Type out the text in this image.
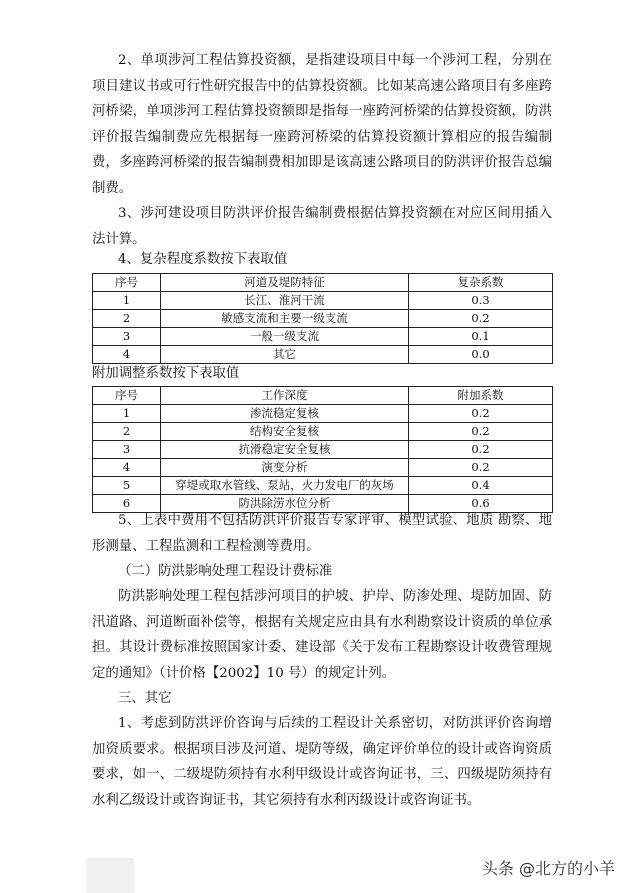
2、单项涉河工程估算投资额，是指建设项目中每一个涉河工程，分别在项目建议书或可行性研究报告中的估算投资额。比如某高速公路项目有多座跨河桥梁，单项涉河工程估算投资额即是指每一座跨河桥梁的估算投资额，防洪评价报告编制费应先根据每一座跨河桥梁的估算投资额计算相应的报告编制费，多座跨河桥梁的报告编制费相加即是该高速公路项目的防洪评价报告总编制费。

3、涉河建设项目防洪评价报告编制费根据估算投资额在对应区间用插入法计算。

4、复杂程度系数按下表取值

序号	河道及堤防特征	复杂系数
1	长江、淮河干流	0.3
2	敏感支流和主要一级支流	0.2
3	一般一级支流	0.1
4	其它	0.0

附加调整系数按下表取值

序号	工作深度	附加系数
1	渗流稳定复核	0.2
2	结构安全复核	0.2
3	抗滑稳定安全复核	0.2
4	演变分析	0.2
5	穿堤或取水管线、泵站，火力发电厂的灰场	0.4
6	防洪除涝水位分析	0.6

5、上表中费用不包括防洪评价报告专家评审、模型试验、地质 勘察、地形测量、工程监测和工程检测等费用。

（二）防洪影响处理工程设计费标准

防洪影响处理工程包括涉河项目的护坡、护岸、防渗处理、堤防加固、防汛道路、河道断面补偿等，根据有关规定应由具有水利勘察设计资质的单位承担。其设计费标准按照国家计委、建设部《关于发布工程勘察设计收费管理规定的通知》（计价格【2002】10 号）的规定计列。

三、其它

1、考虑到防洪评价咨询与后续的工程设计关系密切，对防洪评价咨询增加资质要求。根据项目涉及河道、堤防等级，确定评价单位的设计或咨询资质要求，如一、二级堤防须持有水利甲级设计或咨询证书，三、四级堤防须持有水利乙级设计或咨询证书，其它须持有水利丙级设计或咨询证书。

头条 @北方的小羊
